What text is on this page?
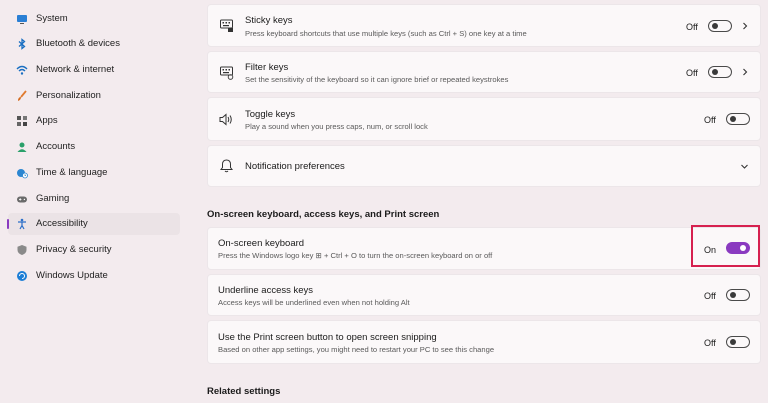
System
Bluetooth & devices
Network & internet
Personalization
Apps
Accounts
Time & language
Gaming
Accessibility
Privacy & security
Windows Update
Sticky keys
Press keyboard shortcuts that use multiple keys (such as Ctrl + S) one key at a time
Off
Filter keys
Set the sensitivity of the keyboard so it can ignore brief or repeated keystrokes
Off
Toggle keys
Play a sound when you press caps, num, or scroll lock
Off
Notification preferences
On-screen keyboard, access keys, and Print screen
On-screen keyboard
Press the Windows logo key ⊞ + Ctrl + O to turn the on-screen keyboard on or off
On
Underline access keys
Access keys will be underlined even when not holding Alt
Off
Use the Print screen button to open screen snipping
Based on other app settings, you might need to restart your PC to see this change
Off
Related settings
